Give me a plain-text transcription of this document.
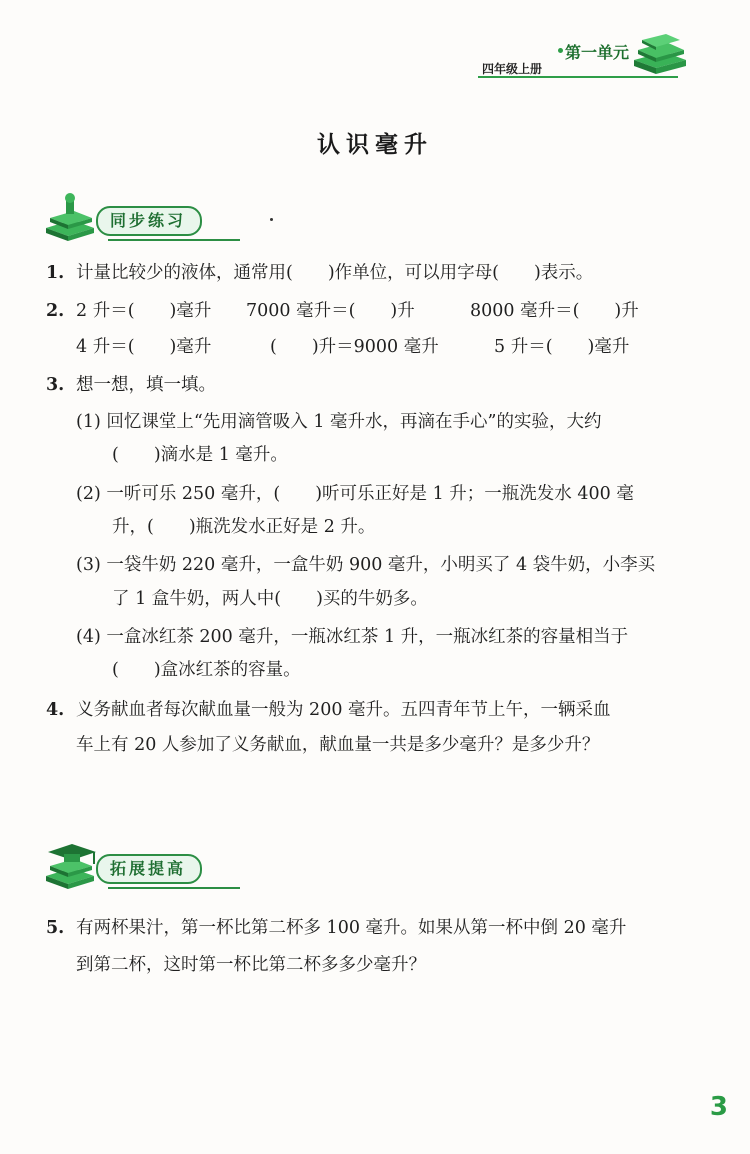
第一单元
四年级上册
认识毫升
同步练习
1. 计量比较少的液体，通常用(　　)作单位，可以用字母(　　)表示。
2. 2 升＝(　　)毫升 7000 毫升＝(　　)升	8000 毫升＝(　　)升
4 升＝(　　)毫升	(　　)升＝9000 毫升	5 升＝(　　)毫升
3. 想一想，填一填。
(1) 回忆课堂上“先用滴管吸入 1 毫升水，再滴在手心”的实验，大约
(　　)滴水是 1 毫升。
(2) 一听可乐 250 毫升，(　　)听可乐正好是 1 升；一瓶洗发水 400 毫
升，(　　)瓶洗发水正好是 2 升。
(3) 一袋牛奶 220 毫升，一盒牛奶 900 毫升，小明买了 4 袋牛奶，小李买
了 1 盒牛奶，两人中(　　)买的牛奶多。
(4) 一盒冰红茶 200 毫升，一瓶冰红茶 1 升，一瓶冰红茶的容量相当于
(　　)盒冰红茶的容量。
4. 义务献血者每次献血量一般为 200 毫升。五四青年节上午，一辆采血
车上有 20 人参加了义务献血，献血量一共是多少毫升？是多少升？
拓展提高
5. 有两杯果汁，第一杯比第二杯多 100 毫升。如果从第一杯中倒 20 毫升
到第二杯，这时第一杯比第二杯多多少毫升？
3
